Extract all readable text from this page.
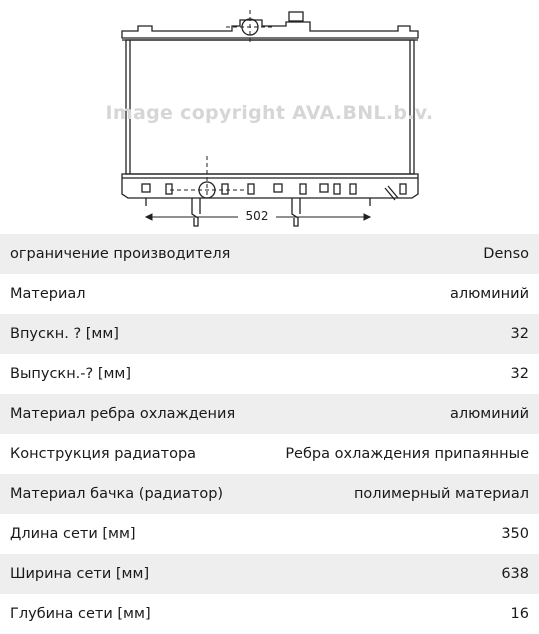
Image copyright AVA.BNL.b.v.
502
ограничение производителя	Denso
Материал	алюминий
Впускн. ? [мм]	32
Выпускн.-? [мм]	32
Материал ребра охлаждения	алюминий
Конструкция радиатора	Ребра охлаждения припаянные
Материал бачка (радиатор)	полимерный материал
Длина сети [мм]	350
Ширина сети [мм]	638
Глубина сети [мм]	16
